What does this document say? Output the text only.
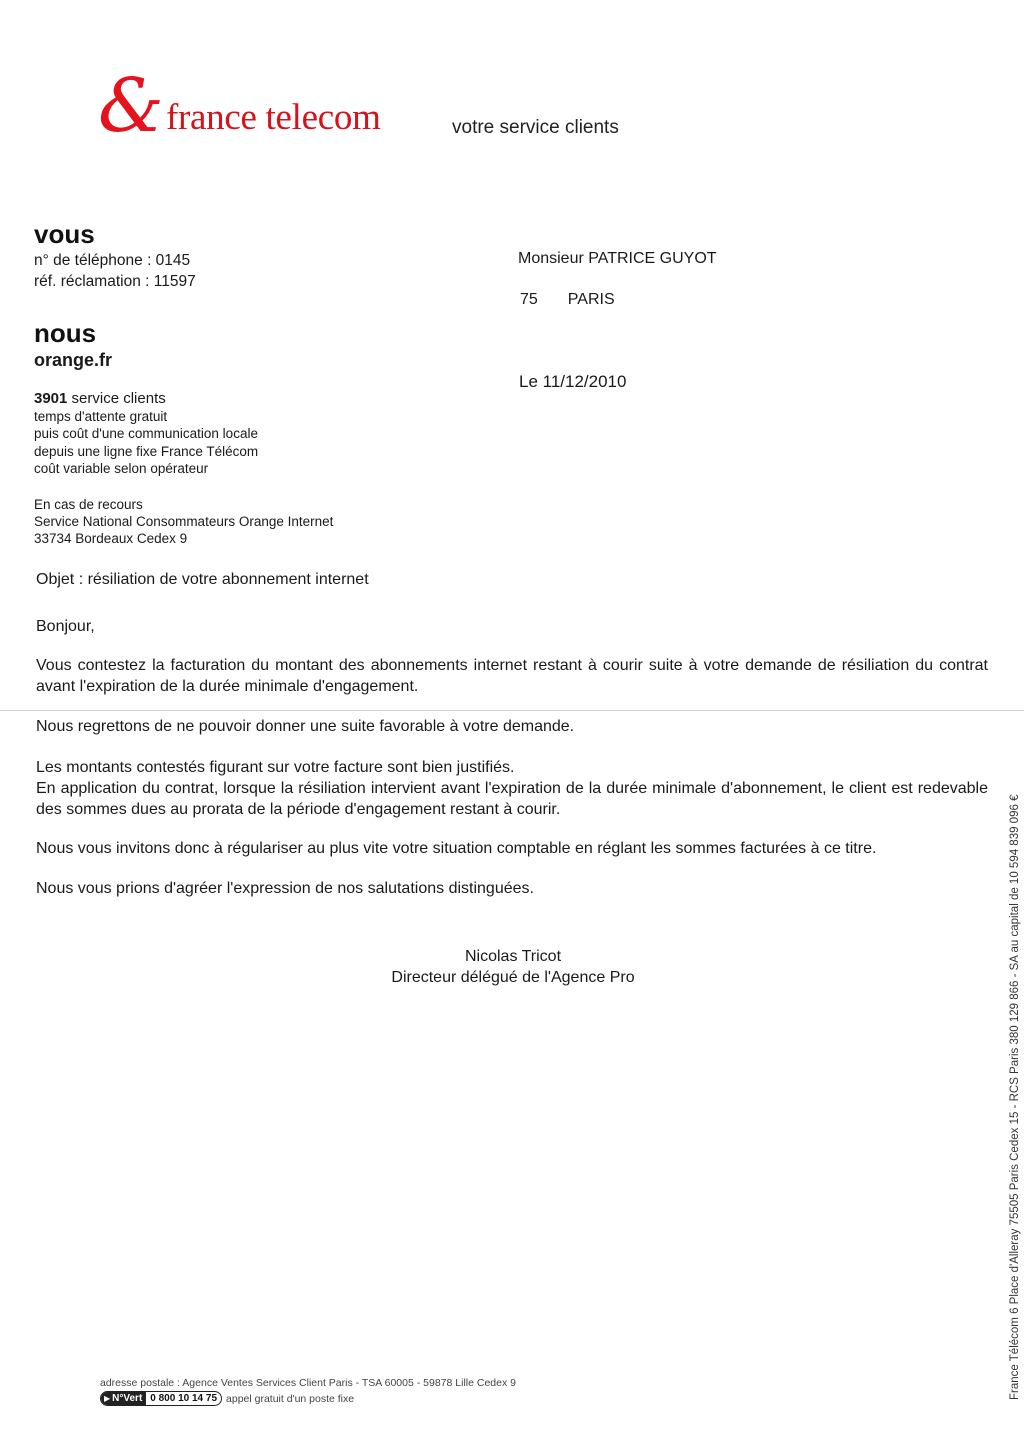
& france telecom	votre service clients
vous
n° de téléphone : 0145
réf. réclamation : 11597
nous
orange.fr
3901 service clients
temps d'attente gratuit
puis coût d'une communication locale
depuis une ligne fixe France Télécom
coût variable selon opérateur
En cas de recours
Service National Consommateurs Orange Internet
33734 Bordeaux Cedex 9
Monsieur PATRICE GUYOT
75 PARIS
Le 11/12/2010
Objet : résiliation de votre abonnement internet
Bonjour,
Vous contestez la facturation du montant des abonnements internet restant à courir suite à votre demande de résiliation du contrat avant l'expiration de la durée minimale d'engagement.
Nous regrettons de ne pouvoir donner une suite favorable à votre demande.
Les montants contestés figurant sur votre facture sont bien justifiés.
En application du contrat, lorsque la résiliation intervient avant l'expiration de la durée minimale d'abonnement, le client est redevable des sommes dues au prorata de la période d'engagement restant à courir.
Nous vous invitons donc à régulariser au plus vite votre situation comptable en réglant les sommes facturées à ce titre.
Nous vous prions d'agréer l'expression de nos salutations distinguées.
Nicolas Tricot
Directeur délégué de l'Agence Pro	France Télécom 6 Place d'Alleray 75505 Paris Cedex 15 - RCS Paris 380 129 866 - SA au capital de 10 594 839 096 €
adresse postale : Agence Ventes Services Client Paris - TSA 60005 - 59878 Lille Cedex 9
▶ N°Vert 0 800 10 14 75 appel gratuit d'un poste fixe
